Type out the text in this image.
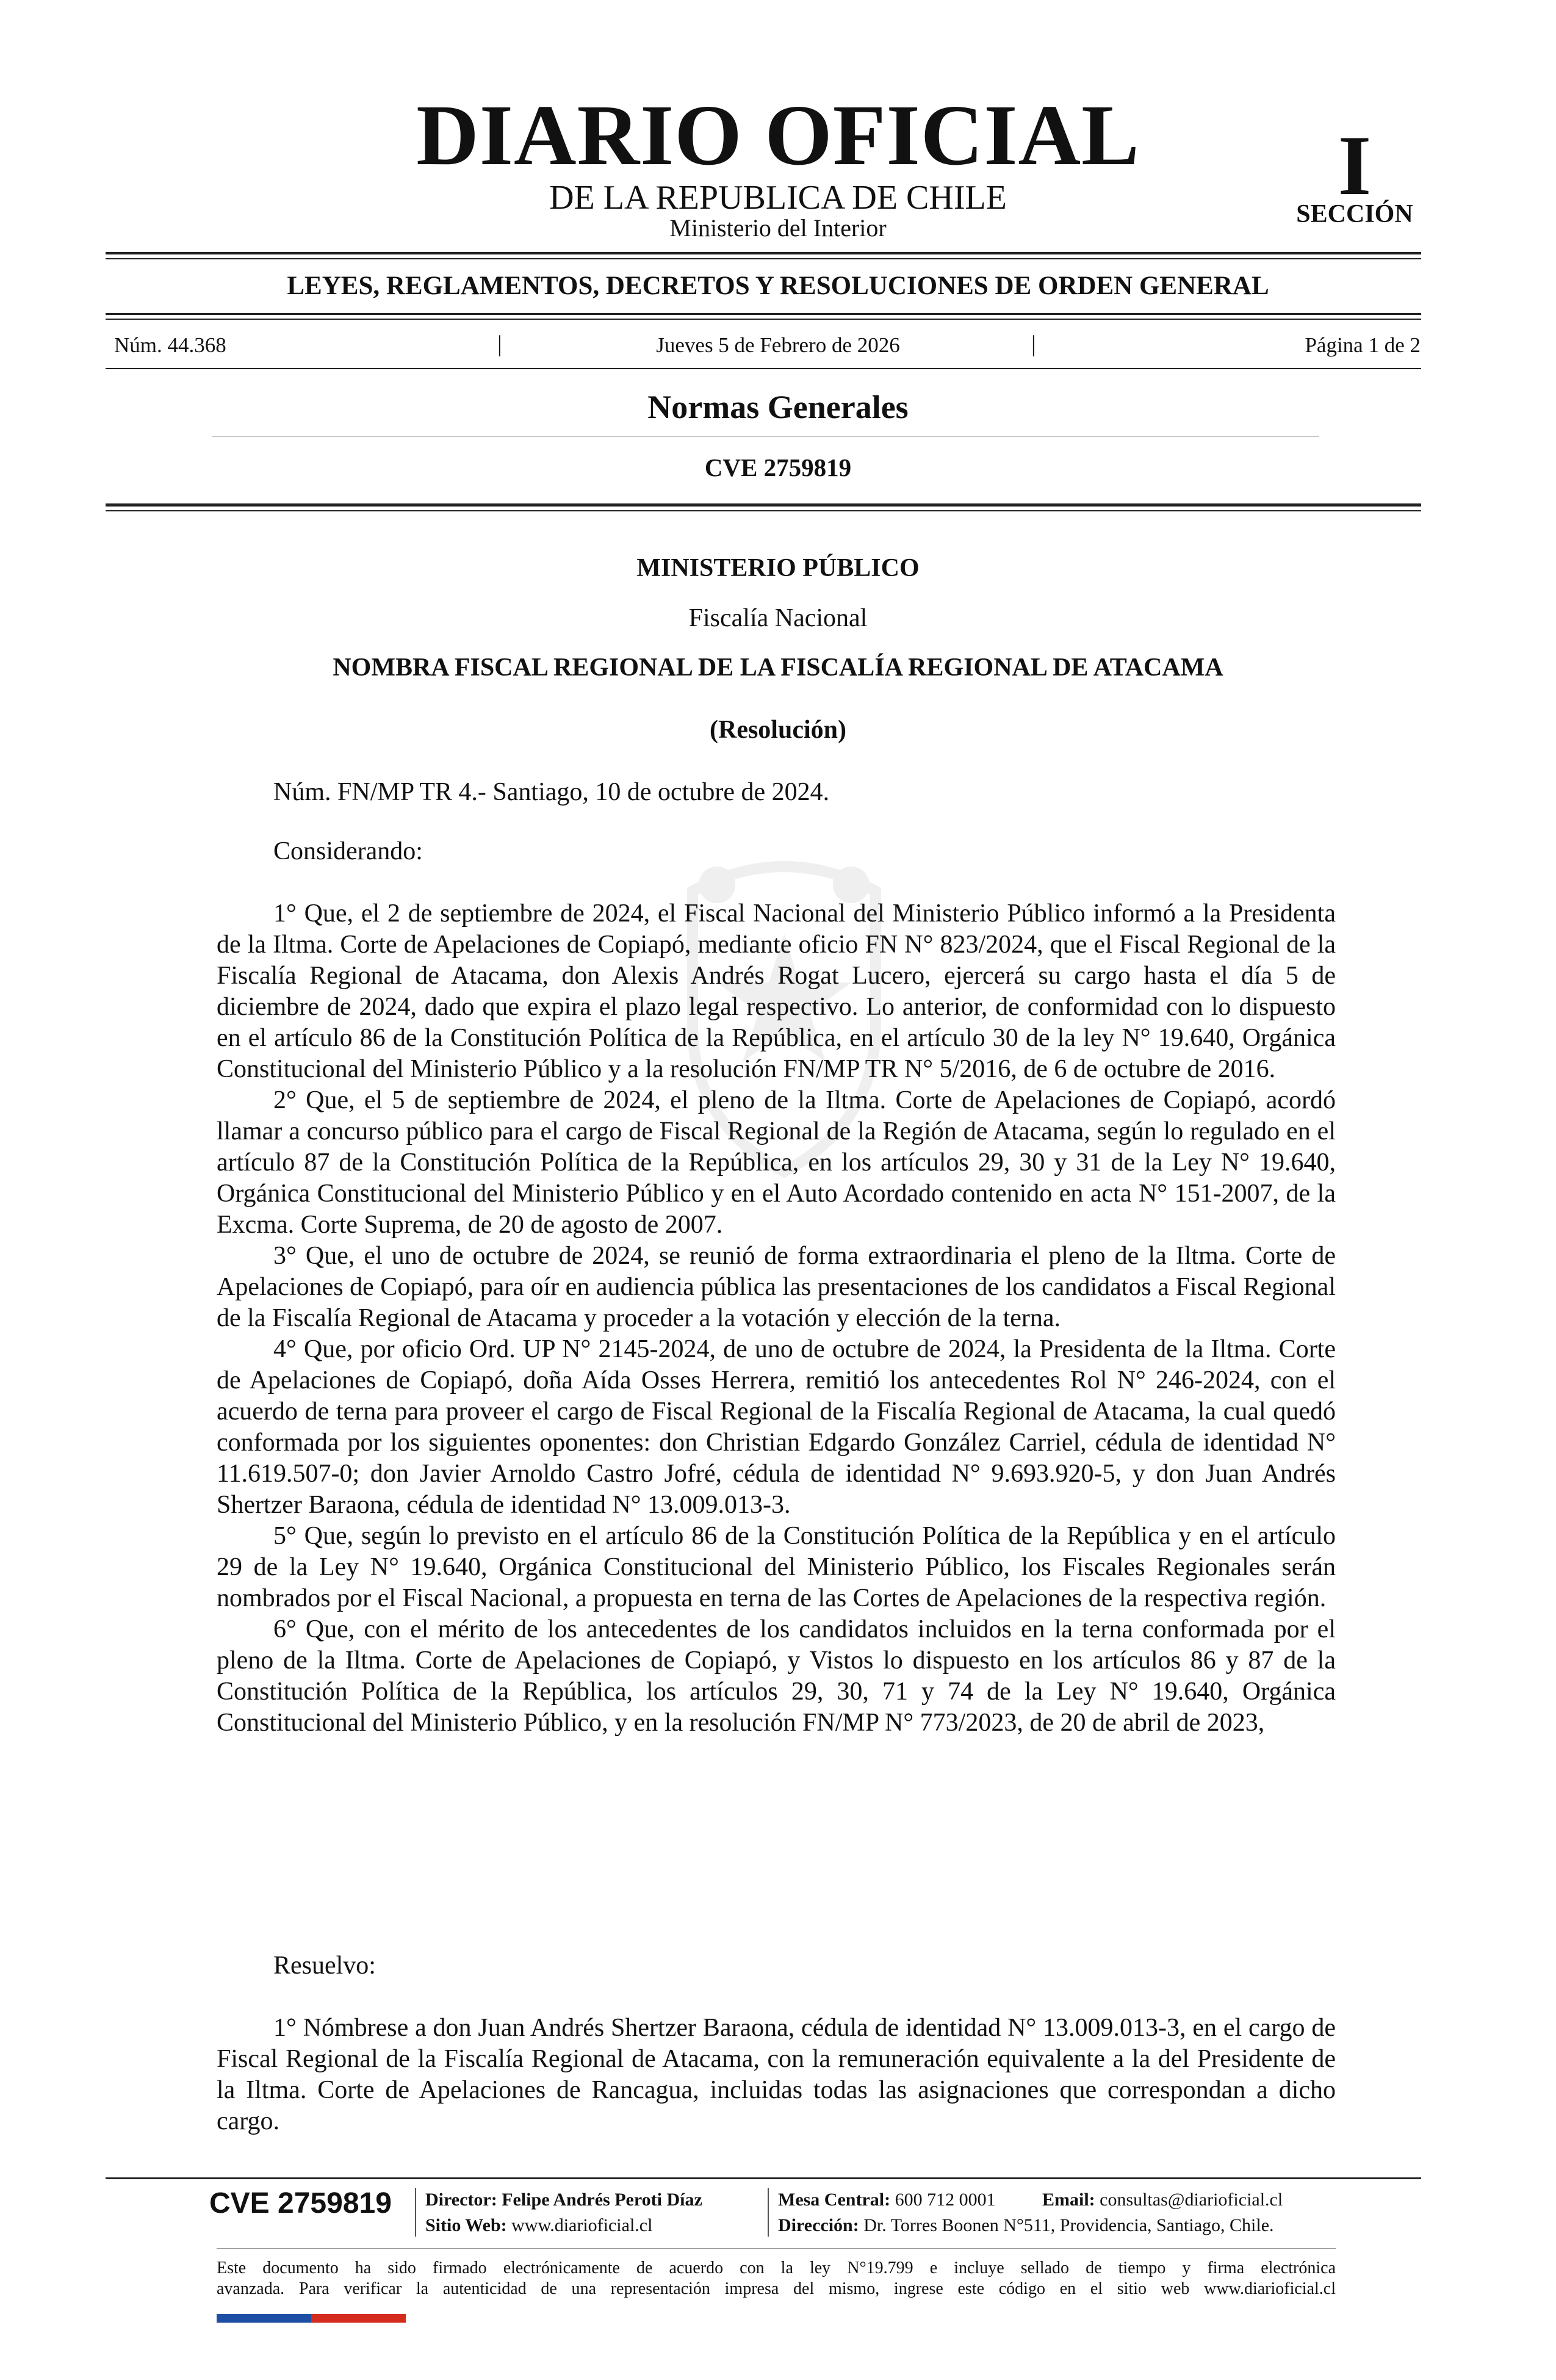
DIARIO OFICIAL
DE LA REPUBLICA DE CHILE
Ministerio del Interior
I
SECCIÓN
LEYES, REGLAMENTOS, DECRETOS Y RESOLUCIONES DE ORDEN GENERAL
Núm. 44.368	|	Jueves 5 de Febrero de 2026	|	Página 1 de 2
Normas Generales
CVE 2759819
MINISTERIO PÚBLICO
Fiscalía Nacional
NOMBRA FISCAL REGIONAL DE LA FISCALÍA REGIONAL DE ATACAMA
(Resolución)

Núm. FN/MP TR 4.- Santiago, 10 de octubre de 2024.

Considerando:

1° Que, el 2 de septiembre de 2024, el Fiscal Nacional del Ministerio Público informó a la Presidenta de la Iltma. Corte de Apelaciones de Copiapó, mediante oficio FN N° 823/2024, que el Fiscal Regional de la Fiscalía Regional de Atacama, don Alexis Andrés Rogat Lucero, ejercerá su cargo hasta el día 5 de diciembre de 2024, dado que expira el plazo legal respectivo. Lo anterior, de conformidad con lo dispuesto en el artículo 86 de la Constitución Política de la República, en el artículo 30 de la ley N° 19.640, Orgánica Constitucional del Ministerio Público y a la resolución FN/MP TR N° 5/2016, de 6 de octubre de 2016.

2° Que, el 5 de septiembre de 2024, el pleno de la Iltma. Corte de Apelaciones de Copiapó, acordó llamar a concurso público para el cargo de Fiscal Regional de la Región de Atacama, según lo regulado en el artículo 87 de la Constitución Política de la República, en los artículos 29, 30 y 31 de la Ley N° 19.640, Orgánica Constitucional del Ministerio Público y en el Auto Acordado contenido en acta N° 151-2007, de la Excma. Corte Suprema, de 20 de agosto de 2007.

3° Que, el uno de octubre de 2024, se reunió de forma extraordinaria el pleno de la Iltma. Corte de Apelaciones de Copiapó, para oír en audiencia pública las presentaciones de los candidatos a Fiscal Regional de la Fiscalía Regional de Atacama y proceder a la votación y elección de la terna.

4° Que, por oficio Ord. UP N° 2145-2024, de uno de octubre de 2024, la Presidenta de la Iltma. Corte de Apelaciones de Copiapó, doña Aída Osses Herrera, remitió los antecedentes Rol N° 246-2024, con el acuerdo de terna para proveer el cargo de Fiscal Regional de la Fiscalía Regional de Atacama, la cual quedó conformada por los siguientes oponentes: don Christian Edgardo González Carriel, cédula de identidad N° 11.619.507-0; don Javier Arnoldo Castro Jofré, cédula de identidad N° 9.693.920-5, y don Juan Andrés Shertzer Baraona, cédula de identidad N° 13.009.013-3.

5° Que, según lo previsto en el artículo 86 de la Constitución Política de la República y en el artículo 29 de la Ley N° 19.640, Orgánica Constitucional del Ministerio Público, los Fiscales Regionales serán nombrados por el Fiscal Nacional, a propuesta en terna de las Cortes de Apelaciones de la respectiva región.

6° Que, con el mérito de los antecedentes de los candidatos incluidos en la terna conformada por el pleno de la Iltma. Corte de Apelaciones de Copiapó, y Vistos lo dispuesto en los artículos 86 y 87 de la Constitución Política de la República, los artículos 29, 30, 71 y 74 de la Ley N° 19.640, Orgánica Constitucional del Ministerio Público, y en la resolución FN/MP N° 773/2023, de 20 de abril de 2023,

Resuelvo:

1° Nómbrese a don Juan Andrés Shertzer Baraona, cédula de identidad N° 13.009.013-3, en el cargo de Fiscal Regional de la Fiscalía Regional de Atacama, con la remuneración equivalente a la del Presidente de la Iltma. Corte de Apelaciones de Rancagua, incluidas todas las asignaciones que correspondan a dicho cargo.

CVE 2759819 Director: Felipe Andrés Peroti Díaz
Sitio Web: www.diarioficial.cl
Mesa Central: 600 712 0001	Email: consultas@diarioficial.cl
Dirección: Dr. Torres Boonen N°511, Providencia, Santiago, Chile.
Este documento ha sido firmado electrónicamente de acuerdo con la ley N°19.799 e incluye sellado de tiempo y firma electrónica
avanzada. Para verificar la autenticidad de una representación impresa del mismo, ingrese este código en el sitio web www.diarioficial.cl
